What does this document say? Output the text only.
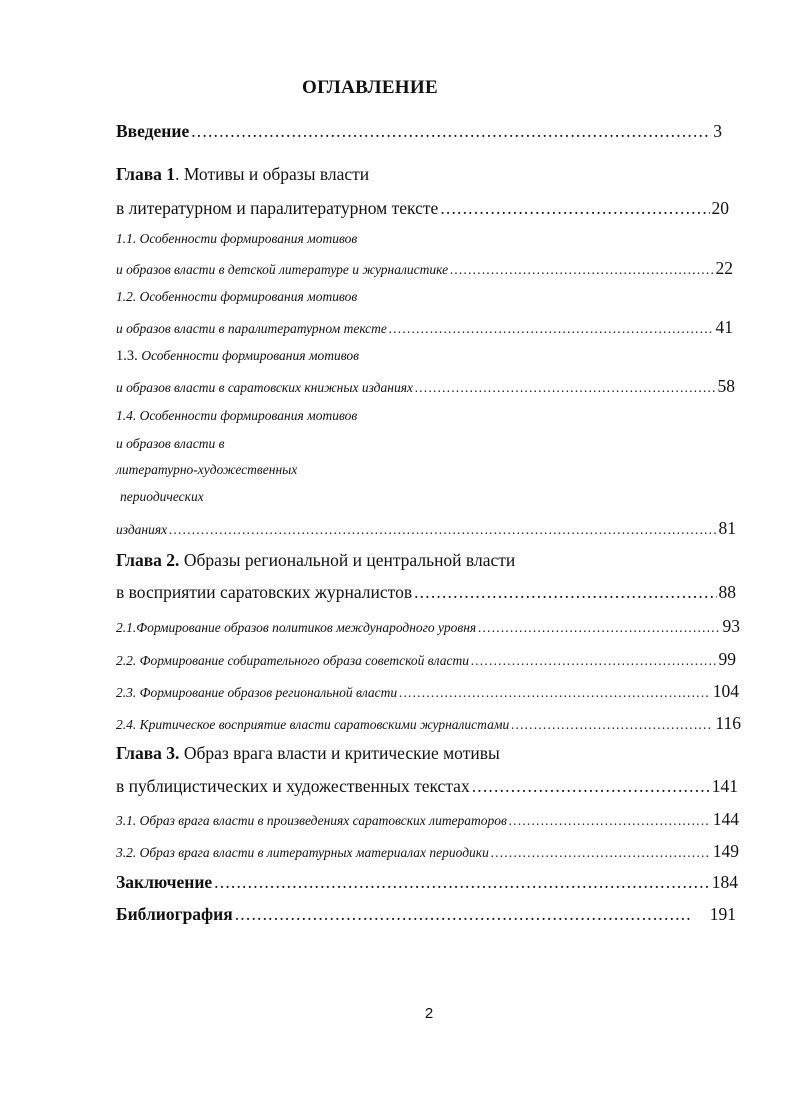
ОГЛАВЛЕНИЕ
Введение .....	3
Глава 1. Мотивы и образы власти
в литературном и паралитературном тексте .....	20
1.1. Особенности формирования мотивов
и образов власти в детской литературе и журналистике .....	22
1.2. Особенности формирования мотивов
и образов власти в паралитературном тексте .....	41
1.3. Особенности формирования мотивов
и образов власти в саратовских книжных изданиях .....	58
1.4. Особенности формирования мотивов
и образов власти в
литературно-художественных
периодических
изданиях .....	81
Глава 2. Образы региональной и центральной власти
в восприятии саратовских журналистов .....	88
2.1.Формирование образов политиков международного уровня .....	93
2.2. Формирование собирательного образа советской власти .....	99
2.3. Формирование образов региональной власти .....	104
2.4. Критическое восприятие власти саратовскими журналистами .....	116
Глава 3. Образ врага власти и критические мотивы
в публицистических и художественных текстах .....	141
3.1. Образ врага власти в произведениях саратовских литераторов .....	144
3.2. Образ врага власти в литературных материалах периодики .....	149
Заключение .....	184
Библиография .....	191
2
